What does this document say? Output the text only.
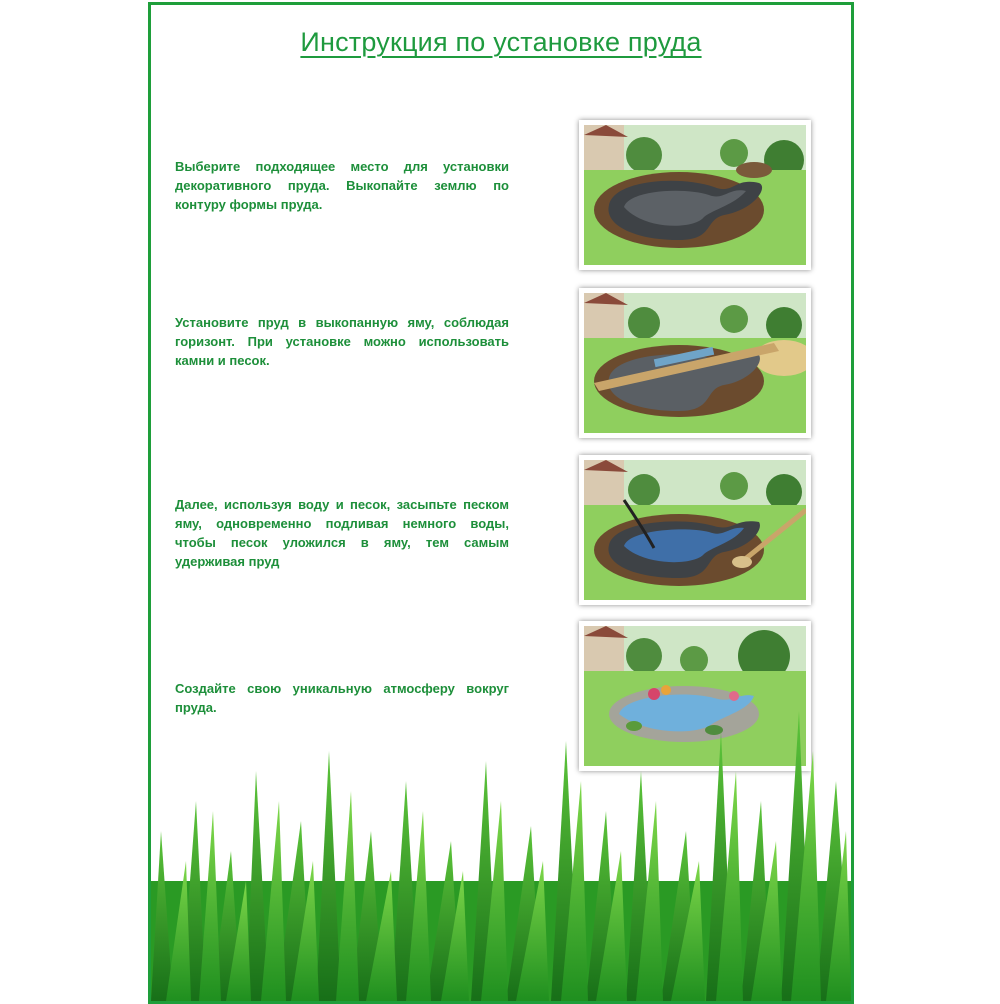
Инструкция по установке пруда
Выберите подходящее место для установки декоративного пруда. Выкопайте землю по контуру формы пруда.
Установите пруд в выкопанную яму, соблюдая горизонт. При установке можно использовать камни и песок.
Далее, используя воду и песок, засыпьте песком яму, одновременно подливая немного воды, чтобы песок уложился в яму, тем самым удерживая пруд
Создайте свою уникальную атмосферу вокруг пруда.
